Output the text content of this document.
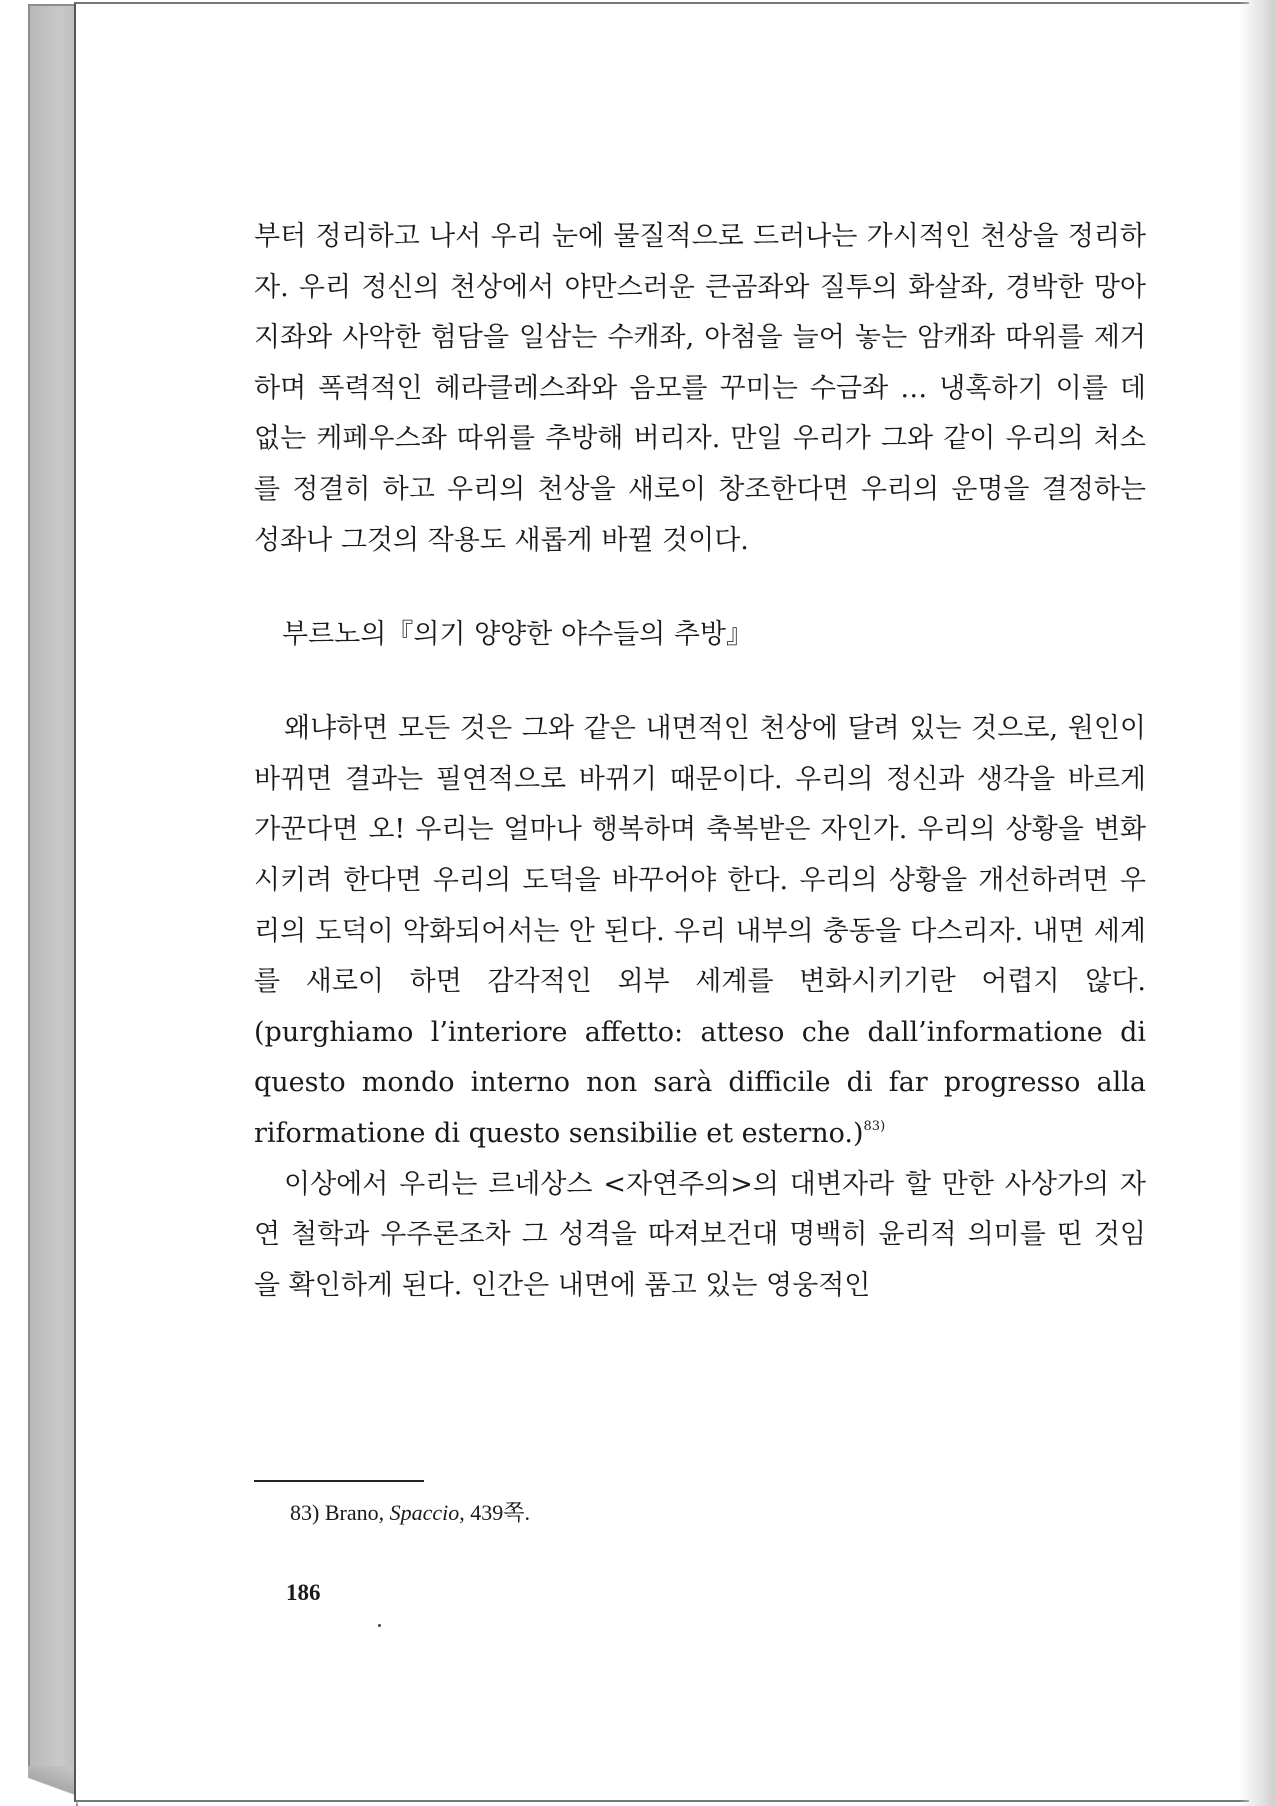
부터 정리하고 나서 우리 눈에 물질적으로 드러나는 가시적인 천상을 정리하자. 우리 정신의 천상에서 야만스러운 큰곰좌와 질투의 화살좌, 경박한 망아지좌와 사악한 험담을 일삼는 수캐좌, 아첨을 늘어 놓는 암캐좌 따위를 제거하며 폭력적인 헤라클레스좌와 음모를 꾸미는 수금좌 … 냉혹하기 이를 데 없는 케페우스좌 따위를 추방해 버리자. 만일 우리가 그와 같이 우리의 처소를 정결히 하고 우리의 천상을 새로이 창조한다면 우리의 운명을 결정하는 성좌나 그것의 작용도 새롭게 바뀔 것이다.

부르노의『의기 양양한 야수들의 추방』

왜냐하면 모든 것은 그와 같은 내면적인 천상에 달려 있는 것으로, 원인이 바뀌면 결과는 필연적으로 바뀌기 때문이다. 우리의 정신과 생각을 바르게 가꾼다면 오! 우리는 얼마나 행복하며 축복받은 자인가. 우리의 상황을 변화시키려 한다면 우리의 도덕을 바꾸어야 한다. 우리의 상황을 개선하려면 우리의 도덕이 악화되어서는 안 된다. 우리 내부의 충동을 다스리자. 내면 세계를 새로이 하면 감각적인 외부 세계를 변화시키기란 어렵지 않다.(purghiamo l’interiore affetto: atteso che dall’informatione di questo mondo interno non sarà difficile di far progresso alla riformatione di questo sensibilie et esterno.)$^{83)}$

이상에서 우리는 르네상스 <자연주의>의 대변자라 할 만한 사상가의 자연 철학과 우주론조차 그 성격을 따져보건대 명백히 윤리적 의미를 띤 것임을 확인하게 된다. 인간은 내면에 품고 있는 영웅적인

83) Brano, Spaccio, 439쪽.
186
